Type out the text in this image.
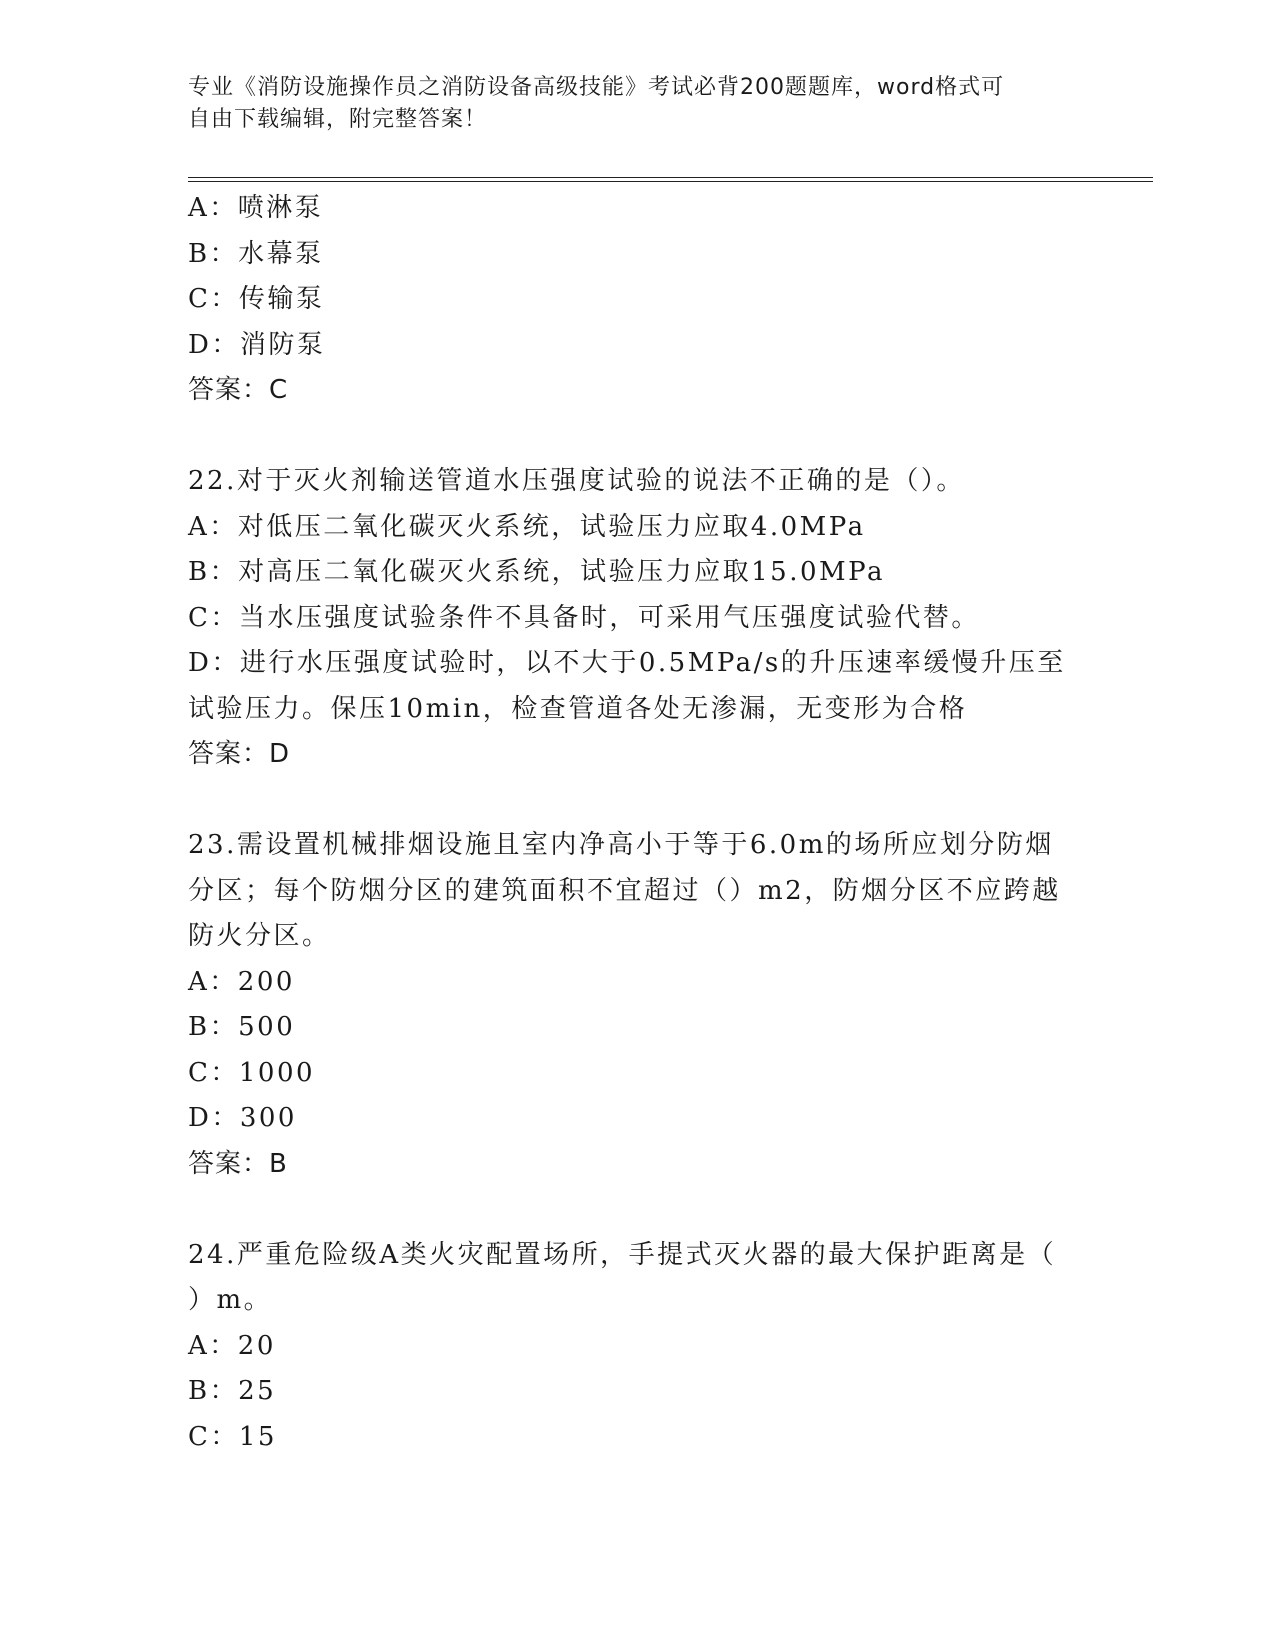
专业《消防设施操作员之消防设备高级技能》考试必背200题题库，word格式可
自由下载编辑，附完整答案！
A：喷淋泵
B：水幕泵
C：传输泵
D：消防泵
答案：C
22.对于灭火剂输送管道水压强度试验的说法不正确的是（）。
A：对低压二氧化碳灭火系统，试验压力应取4.0MPa
B：对高压二氧化碳灭火系统，试验压力应取15.0MPa
C：当水压强度试验条件不具备时，可采用气压强度试验代替。
D：进行水压强度试验时，以不大于0.5MPa/s的升压速率缓慢升压至
试验压力。保压10min，检查管道各处无渗漏，无变形为合格
答案：D
23.需设置机械排烟设施且室内净高小于等于6.0m的场所应划分防烟
分区；每个防烟分区的建筑面积不宜超过（）m2，防烟分区不应跨越
防火分区。
A：200
B：500
C：1000
D：300
答案：B
24.严重危险级A类火灾配置场所，手提式灭火器的最大保护距离是（
）m。
A：20
B：25
C：15
